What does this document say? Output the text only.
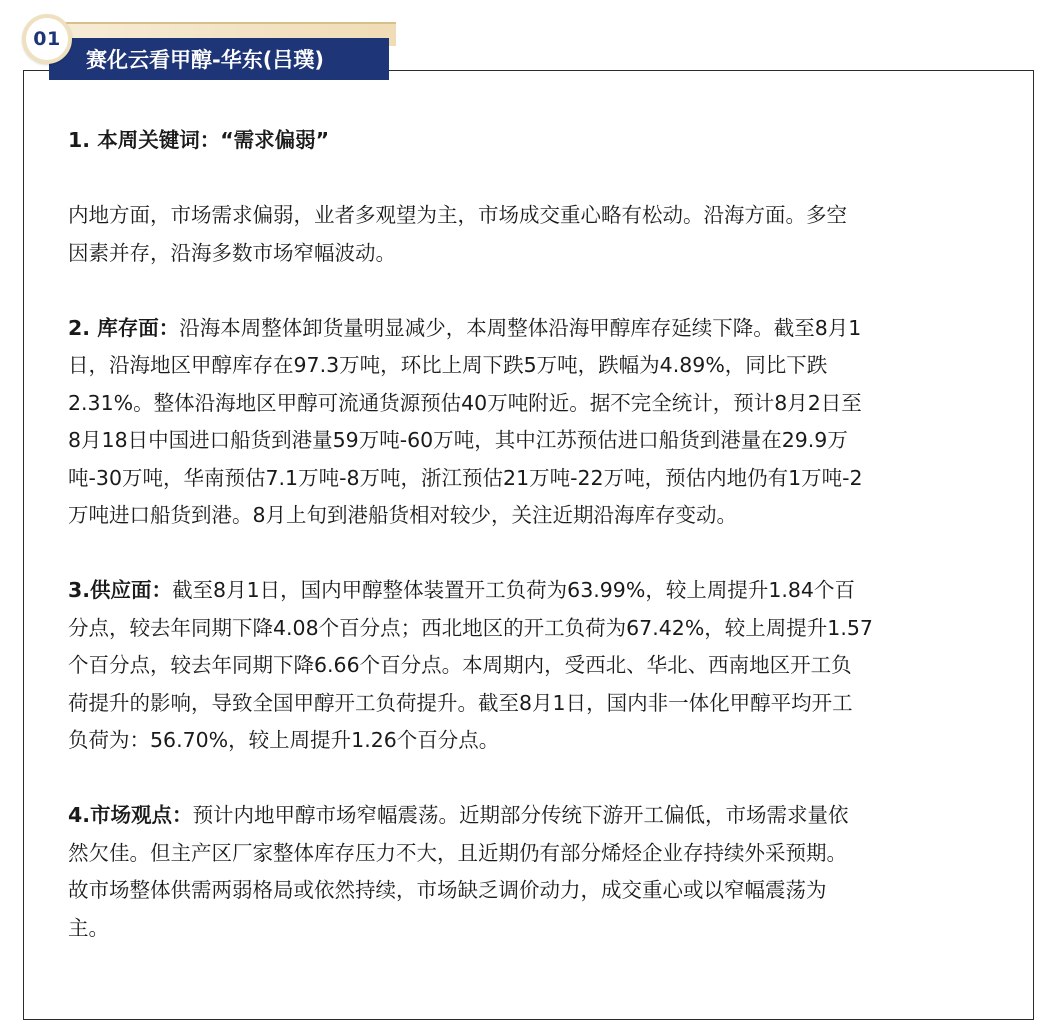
01
赛化云看甲醇-华东(吕璞)
1. 本周关键词：“需求偏弱”
内地方面，市场需求偏弱，业者多观望为主，市场成交重心略有松动。沿海方面。多空
因素并存，沿海多数市场窄幅波动。
2. 库存面：沿海本周整体卸货量明显减少，本周整体沿海甲醇库存延续下降。截至8月1
日，沿海地区甲醇库存在97.3万吨，环比上周下跌5万吨，跌幅为4.89%，同比下跌
2.31%。整体沿海地区甲醇可流通货源预估40万吨附近。据不完全统计，预计8月2日至
8月18日中国进口船货到港量59万吨-60万吨，其中江苏预估进口船货到港量在29.9万
吨-30万吨，华南预估7.1万吨-8万吨，浙江预估21万吨-22万吨，预估内地仍有1万吨-2
万吨进口船货到港。8月上旬到港船货相对较少，关注近期沿海库存变动。
3.供应面：截至8月1日，国内甲醇整体装置开工负荷为63.99%，较上周提升1.84个百
分点，较去年同期下降4.08个百分点；西北地区的开工负荷为67.42%，较上周提升1.57
个百分点，较去年同期下降6.66个百分点。本周期内，受西北、华北、西南地区开工负
荷提升的影响，导致全国甲醇开工负荷提升。截至8月1日，国内非一体化甲醇平均开工
负荷为：56.70%，较上周提升1.26个百分点。
4.市场观点：预计内地甲醇市场窄幅震荡。近期部分传统下游开工偏低，市场需求量依
然欠佳。但主产区厂家整体库存压力不大，且近期仍有部分烯烃企业存持续外采预期。
故市场整体供需两弱格局或依然持续，市场缺乏调价动力，成交重心或以窄幅震荡为
主。
